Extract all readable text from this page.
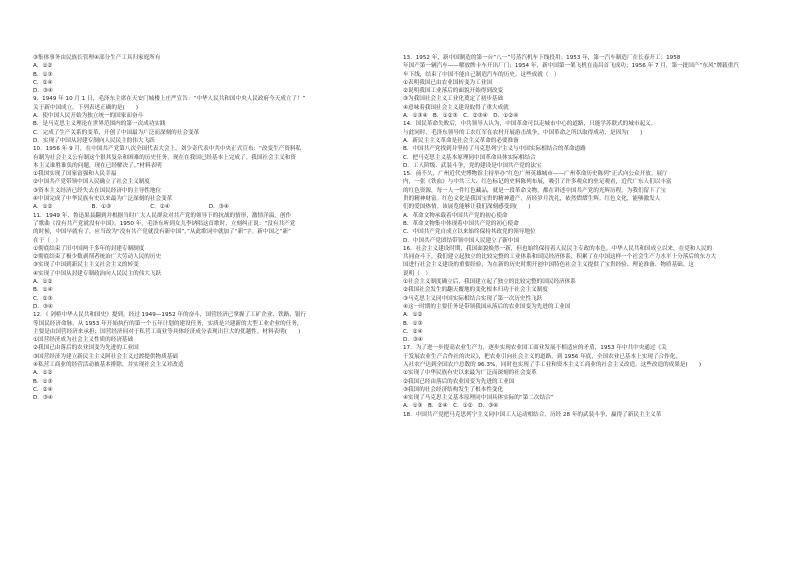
③集体事务由民族长管理④部分生产工具归家庭所有
A．①②
B．①③
C．②④
D．③④
9．1949 年 10 月 1 日，毛泽东主席在天安门城楼上庄严宣告：“中华人民共和国中央人民政府今天成立了！”
关于新中国成立，下列表述正确的是(　　)
A．使中国人民开始为独立统一的国家而奋斗
B．是马克思主义理论在世界范围内的第一次成功实践
C．完成了生产关系的变革，开创了中国最为广泛而深刻的社会变革
D．实现了中国从封建专制向人民民主的伟大飞跃
10．1956 年 9 月，在中国共产党第八次全国代表大会上，刘少奇代表中共中央正式宣布：“改变生产资料私
有制为社会主义公有制这个很其复杂和困难的历史任务，现在在我国已经基本上完成了。我国社会主义和资
本主义谁胜谁负的问题，现在已经解决了。”材料表明
①我国实现了国家富强和人民幸福
②中国共产党带领中国人民确立了社会主义制度
③资本主义经济已经失去在国民经济中的主导性地位
④中国完成了中华民族有史以来最为广泛深刻的社会变革
A．①②　　　　　　　B．①③　　　　　　　C．②④　　　　　　　D．③④
11．1949 年，鲁迅果县翻到并根据当时广大人民群众对共产党的领导下的抗战的情形，激情洋溢，创作
了歌曲《没有共产党就没有中国》。1950 年，毛泽东听到女儿李讷唱这首歌时，立刻纠正说：“没有共产党
的时候，中国早就有了，应当改为“没有共产党就没有新中国”。”从此歌词中就加了“新”字。新中国之“新”
在于（　）
①彻底结束了旧中国两千多年的封建专制制度
②彻底结束了极少数剥削者统治广大劳动人民的历史
③实现了中国到新民主主义社会主义的转变
④实现了中国从封建专制政治向人民民主的伟大飞跃
A．①②
B．①④
C．②③
D．③④
12．《 剑桥中华人民共和国史》提到，经过 1949—1952 年的奋斗，国营经济已掌握了工矿企业、铁路、银行
等国民经济命脉。从 1953 年开始执行的第一个五年计划的建设任务，实质是兴建新的大型工业企业的任务，
主要是由国营经济来承担；国营经济同对于私营工商业等具体经济成分表现出巨大的优越性。材料表明(　　)
①国营经济成为社会主义性质的经济基础
②我国已由落后的农业国变为先进的工业国
③国营经济为建立新民主主义阿社会主义过渡提供物质基础
④私营工商业的经营活动被基本排除，并实现社会主义对改造
A．①②
B．①③
C．②④
D．③④
13．1952 年，新中国制造的第一台“八一”号蒸汽机车下线投用；1953 年，第一汽车制造厂在长春开工；1958
年国产第一辆汽车——解放牌卡车开出厂门；1954 年，新中国第一架飞机在南昌首飞成功；1956 年 7 月，第一批国产“东风”牌载重汽
车下线，结束了中国不能自己制造汽车的历史。这些成就（　）
①表明我国已由农业国转变为工业国
②说明我国工业落后的面貌开始得到改变
③为我国社会主义工业化奠定了初步基础
④意味着我国社会主义建设取得了重大成就
A．①③④　B．①②③　C．②③④　D．①②④
14．国民革命失败后，中共领导人认为，中国革命可以走城市中心的道路，只能学苏联式的城市起义。
与此同时，毛泽东领导的工农红军在农村开展游击战争，中国革命之所以取得成功，是因为(　　)
A．新民主主义革命是社会主义革命的必要准备
B．中国共产党找到并坚持了马克思列宁主义与中国实际相结合的革命道路
C．把马克思主义基本原理同中国革命具体实际相结合
D．工人阶级、武装斗争，党的建设是中国共产党的法宝
15．前不久，广州近代史博物馆主持举办“红色广州英雄城市——广州革命历史陈列”正式向公众开放。展厅
内，一张《铁血》与中共三大、红色标记的史料陈列布展，吸引了许多观众的驻足观看，近代广东人们以丰富
的红色资源，每一人一件红色藏品，就是一段革命文物，都在讲述中国共产党的光辉历程，为我们留下了宝
贵的精神财富。红色文化是我国宝贵的精神遗产，历经岁月洗礼，依然熠熠生辉。红色文化，能够激发人
们的爱国热情。该展览能够让我们深刻感受到(　　)
A．革命文物承载着中国共产党的初心使命
B．革命文物集中体现着中国共产党的初心使命
C．中国共产党自成立以来始终保持其政党的领导地位
D．中国共产党团结带领中国人民建立了新中国
16．社会主义建设时期，我国面貌焕然一新，但也始终保持着人民民主专政的本色。中华人民共和国成立以来，在党和人民的
共同奋斗下，我们建立起独立的比较完整的工业体系和国民经济体系，积累了在中国这样一个社会生产力水平十分落后的东方大
国进行社会主义建设的重要经验，为在新的历史时期开创中国特色社会主义提供了宝贵经验、理论准备、物质基础。这
说明（　）
①社会主义制度确立后，我国建立起了独立的比较完整的国民经济体系
②我国社会发生的翻天覆地的变化根本归功于社会主义制度
③马克思主义同中国实际相结合实现了第一次历史性飞跃
④这一时期的主要任务是带领我国从落后的农业国变为先进的工业国
A．①②
B．①③
C．②④
D．③④
17．为了进一步提高农业生产力，逐步实现农业国工商业发展不相适应的矛盾，1953 年中共中央通过《关
于发展农业生产合作社的决议》，把农业引向社会主义的道路，到 1956 年底，全国农业已基本上实现了合作化，
入社农户达到全国农户总数的 96.3%，同时也实现了手工业和资本主义工商业的社会主义改造。这些改造的成果是(　　)
①实现了中华民族有史以来最为广泛而深刻的社会变革
②我国已经由落后的农业国变为先进的工业国
③我国的社会经济结构发生了根本性变化
④实现了马克思主义基本原理同中国具体实际的“第二次结合”
A．①③　B．②④　C．①②　D．③④
18．中国共产党把马克思列宁主义同中国工人运动相结合，历经 28 年的武装斗争，赢得了新民主主义革
